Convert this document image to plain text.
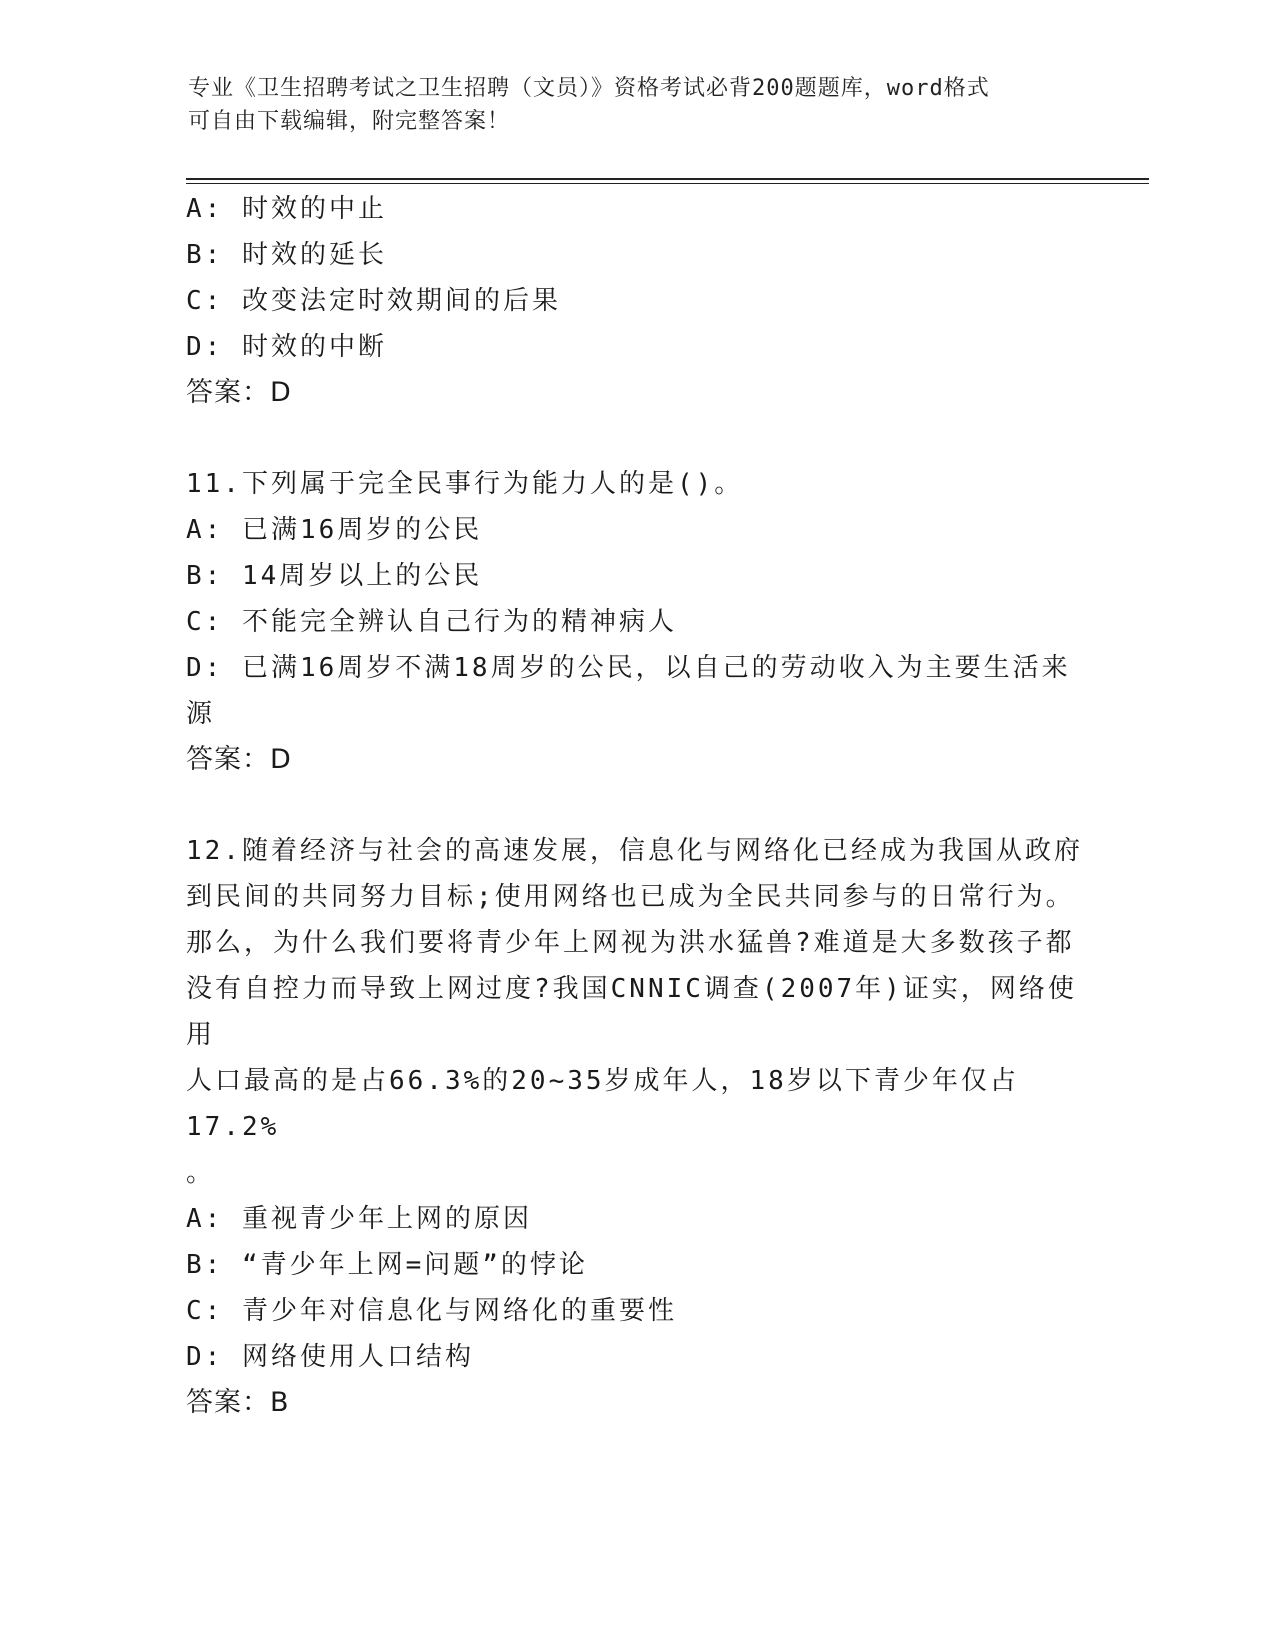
专业《卫生招聘考试之卫生招聘（文员）》资格考试必背200题题库，word格式
可自由下载编辑，附完整答案！

A: 时效的中止

B: 时效的延长

C: 改变法定时效期间的后果

D: 时效的中断

答案：D

11.下列属于完全民事行为能力人的是()。

A: 已满16周岁的公民

B: 14周岁以上的公民

C: 不能完全辨认自己行为的精神病人

D: 已满16周岁不满18周岁的公民，以自己的劳动收入为主要生活来

源

答案：D

12.随着经济与社会的高速发展，信息化与网络化已经成为我国从政府

到民间的共同努力目标;使用网络也已成为全民共同参与的日常行为。

那么，为什么我们要将青少年上网视为洪水猛兽?难道是大多数孩子都

没有自控力而导致上网过度?我国CNNIC调查(2007年)证实，网络使用

人口最高的是占66.3%的20~35岁成年人，18岁以下青少年仅占17.2%

。

A: 重视青少年上网的原因

B: “青少年上网=问题”的悖论

C: 青少年对信息化与网络化的重要性

D: 网络使用人口结构

答案：B
